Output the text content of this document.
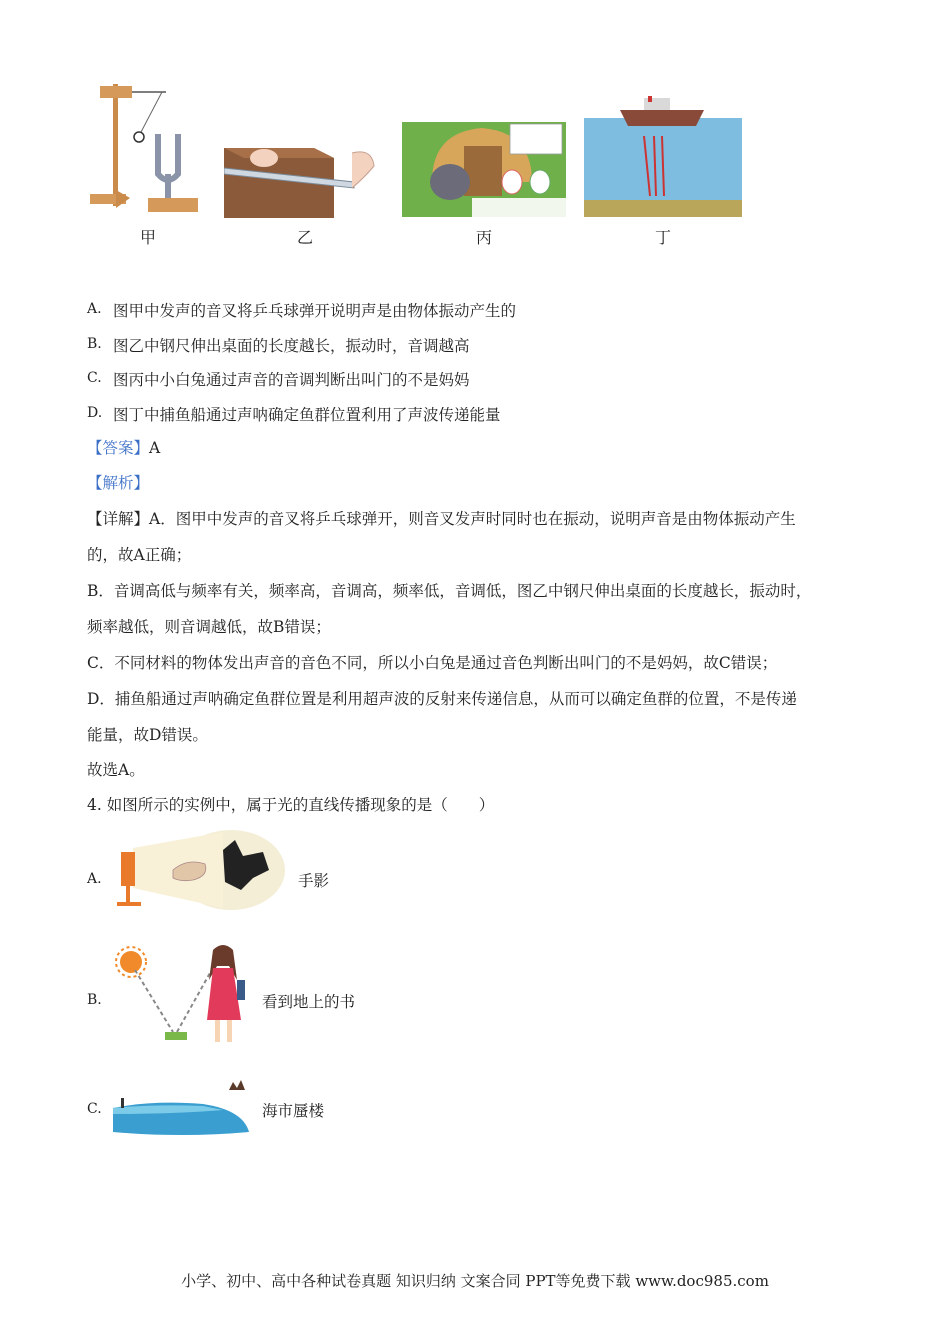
甲	乙	丙	丁
A. 图甲中发声的音叉将乒乓球弹开说明声是由物体振动产生的
B. 图乙中钢尺伸出桌面的长度越长，振动时，音调越高
C. 图丙中小白兔通过声音的音调判断出叫门的不是妈妈
D. 图丁中捕鱼船通过声呐确定鱼群位置利用了声波传递能量
【答案】A
【解析】
【详解】A．图甲中发声的音叉将乒乓球弹开，则音叉发声时同时也在振动，说明声音是由物体振动产生
的，故A正确；
B．音调高低与频率有关，频率高，音调高，频率低，音调低，图乙中钢尺伸出桌面的长度越长，振动时，
频率越低，则音调越低，故B错误；
C．不同材料的物体发出声音的音色不同，所以小白兔是通过音色判断出叫门的不是妈妈，故C错误；
D．捕鱼船通过声呐确定鱼群位置是利用超声波的反射来传递信息，从而可以确定鱼群的位置，不是传递
能量，故D错误。
故选A。
4. 如图所示的实例中，属于光的直线传播现象的是（　　）
A.	手影
B.	看到地上的书
C.	海市蜃楼
小学、初中、高中各种试卷真题 知识归纳 文案合同 PPT等免费下载 www.doc985.com
